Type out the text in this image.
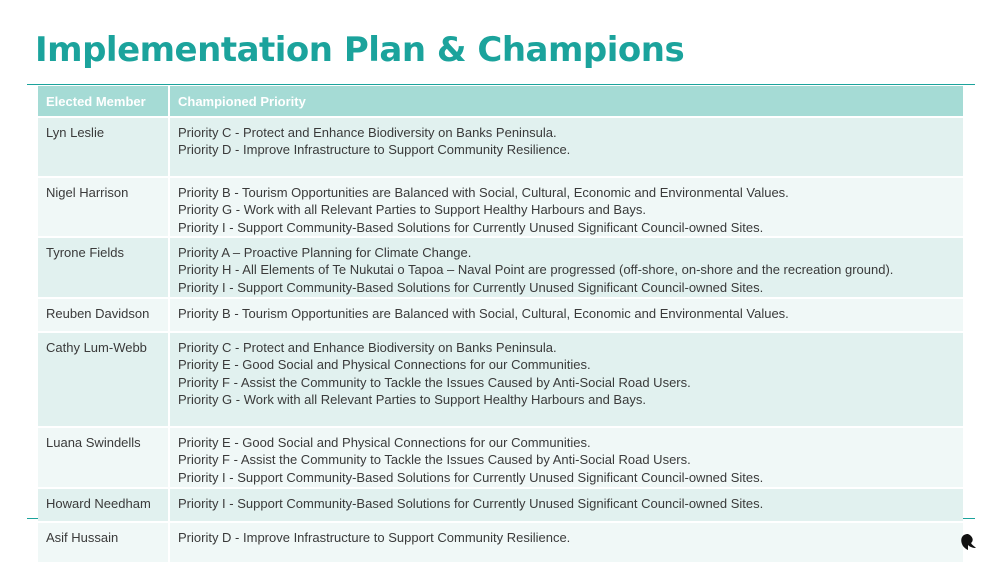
Implementation Plan & Champions
Elected Member	Championed Priority
Lyn Leslie	Priority C - Protect and Enhance Biodiversity on Banks Peninsula.
Priority D - Improve Infrastructure to Support Community Resilience.

Nigel Harrison	Priority B - Tourism Opportunities are Balanced with Social, Cultural, Economic and Environmental Values.
Priority G - Work with all Relevant Parties to Support Healthy Harbours and Bays.
Priority I - Support Community-Based Solutions for Currently Unused Significant Council-owned Sites.

Tyrone Fields	Priority A – Proactive Planning for Climate Change.
Priority H - All Elements of Te Nukutai o Tapoa – Naval Point are progressed (off-shore, on-shore and the recreation ground).
Priority I - Support Community-Based Solutions for Currently Unused Significant Council-owned Sites.

Reuben Davidson	Priority B - Tourism Opportunities are Balanced with Social, Cultural, Economic and Environmental Values.

Cathy Lum-Webb	Priority C - Protect and Enhance Biodiversity on Banks Peninsula.
Priority E - Good Social and Physical Connections for our Communities.
Priority F - Assist the Community to Tackle the Issues Caused by Anti-Social Road Users.
Priority G - Work with all Relevant Parties to Support Healthy Harbours and Bays.

Luana Swindells	Priority E - Good Social and Physical Connections for our Communities.
Priority F - Assist the Community to Tackle the Issues Caused by Anti-Social Road Users.
Priority I - Support Community-Based Solutions for Currently Unused Significant Council-owned Sites.

Howard Needham	Priority I - Support Community-Based Solutions for Currently Unused Significant Council-owned Sites.

Asif Hussain	Priority D - Improve Infrastructure to Support Community Resilience.
